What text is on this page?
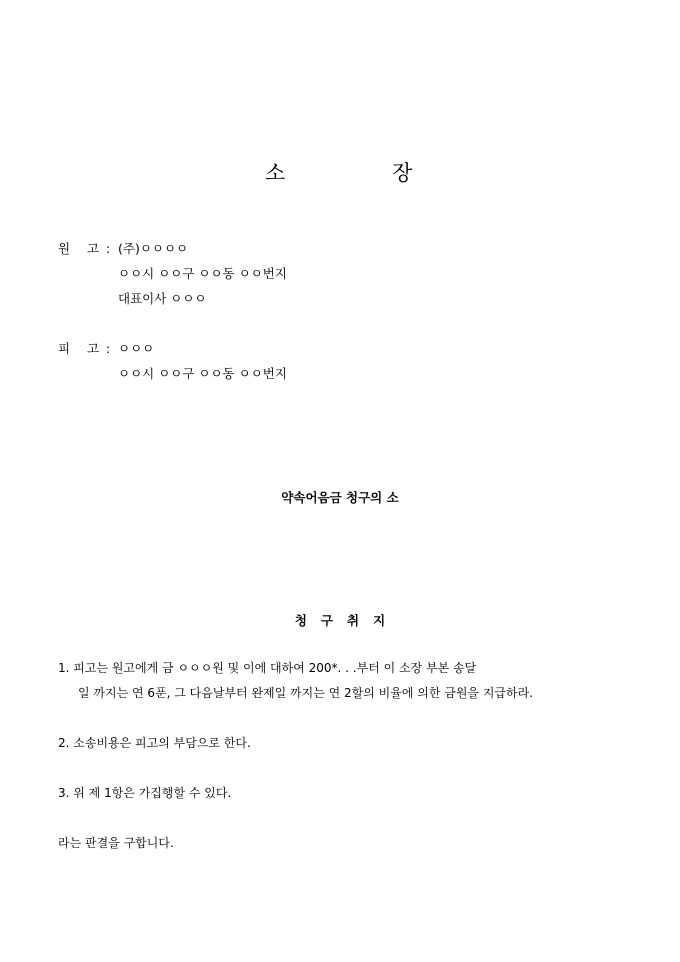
소	장
원 고 : (주)ㅇㅇㅇㅇ
ㅇㅇ시 ㅇㅇ구 ㅇㅇ동 ㅇㅇ번지
대표이사 ㅇㅇㅇ
피 고 : ㅇㅇㅇ
ㅇㅇ시 ㅇㅇ구 ㅇㅇ동 ㅇㅇ번지
약속어음금 청구의 소
청구취지
1. 피고는 원고에게 금 ㅇㅇㅇ원 및 이에 대하여 200*. . .부터 이 소장 부본 송달
일 까지는 연 6푼, 그 다음날부터 완제일 까지는 연 2할의 비율에 의한 금원을 지급하라.
2. 소송비용은 피고의 부담으로 한다.
3. 위 제 1항은 가집행할 수 있다.
라는 판결을 구합니다.
